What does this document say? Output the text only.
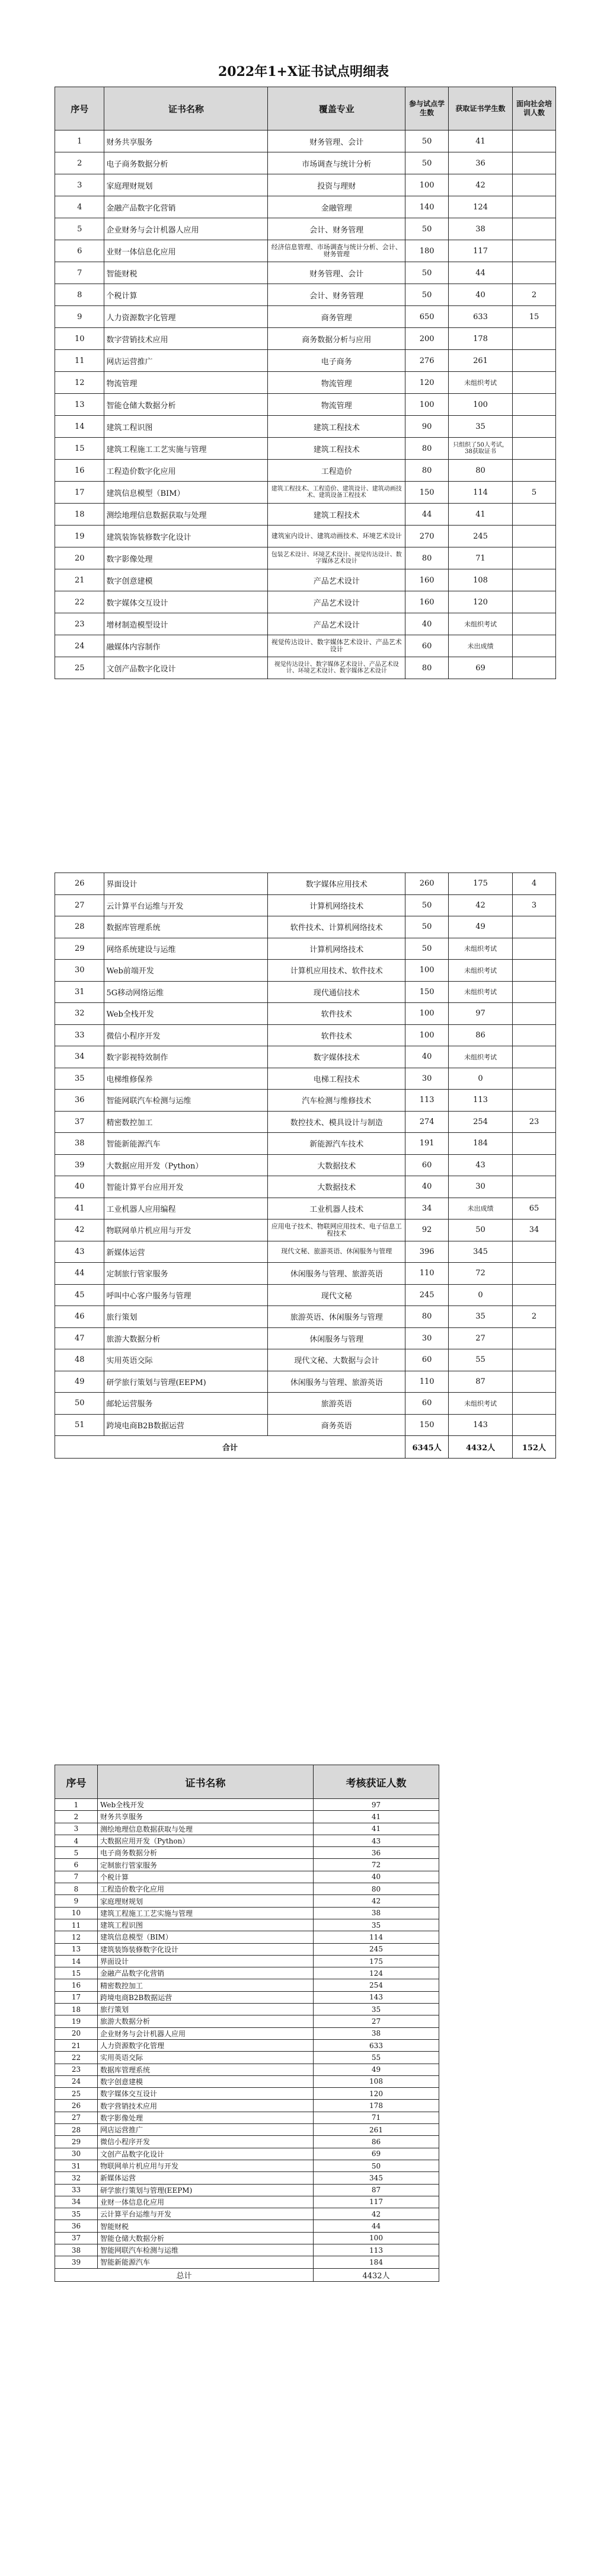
2022年1+X证书试点明细表
序号	证书名称	覆盖专业	参与试点学生数	获取证书学生数	面向社会培训人数
1	财务共享服务	财务管理、会计	50	41	
2	电子商务数据分析	市场调查与统计分析	50	36	
3	家庭理财规划	投资与理财	100	42	
4	金融产品数字化营销	金融管理	140	124	
5	企业财务与会计机器人应用	会计、财务管理	50	38	
6	业财一体信息化应用	经济信息管理、市场调查与统计分析、会计、财务管理	180	117	
7	智能财税	财务管理、会计	50	44	
8	个税计算	会计、财务管理	50	40	2
9	人力资源数字化管理	商务管理	650	633	15
10	数字营销技术应用	商务数据分析与应用	200	178	
11	网店运营推广	电子商务	276	261	
12	物流管理	物流管理	120	未组织考试	
13	智能仓储大数据分析	物流管理	100	100	
14	建筑工程识图	建筑工程技术	90	35	
15	建筑工程施工工艺实施与管理	建筑工程技术	80	只组织了50人考试，38获取证书	
16	工程造价数字化应用	工程造价	80	80	
17	建筑信息模型（BIM）	建筑工程技术、工程造价、建筑设计、建筑动画技术、建筑设备工程技术	150	114	5
18	测绘地理信息数据获取与处理	建筑工程技术	44	41	
19	建筑装饰装修数字化设计	建筑室内设计、建筑动画技术、环境艺术设计	270	245	
20	数字影像处理	包装艺术设计、环境艺术设计、视觉传达设计、数字媒体艺术设计	80	71	
21	数字创意建模	产品艺术设计	160	108	
22	数字媒体交互设计	产品艺术设计	160	120	
23	增材制造模型设计	产品艺术设计	40	未组织考试	
24	融媒体内容制作	视觉传达设计、数字媒体艺术设计、产品艺术设计	60	未出成绩	
25	文创产品数字化设计	视觉传达设计、数字媒体艺术设计、产品艺术设计、环境艺术设计、数字媒体艺术设计	80	69	
26	界面设计	数字媒体应用技术	260	175	4
27	云计算平台运维与开发	计算机网络技术	50	42	3
28	数据库管理系统	软件技术、计算机网络技术	50	49	
29	网络系统建设与运维	计算机网络技术	50	未组织考试	
30	Web前端开发	计算机应用技术、软件技术	100	未组织考试	
31	5G移动网络运维	现代通信技术	150	未组织考试	
32	Web全栈开发	软件技术	100	97	
33	微信小程序开发	软件技术	100	86	
34	数字影视特效制作	数字媒体技术	40	未组织考试	
35	电梯维修保养	电梯工程技术	30	0	
36	智能网联汽车检测与运维	汽车检测与维修技术	113	113	
37	精密数控加工	数控技术、模具设计与制造	274	254	23
38	智能新能源汽车	新能源汽车技术	191	184	
39	大数据应用开发（Python）	大数据技术	60	43	
40	智能计算平台应用开发	大数据技术	40	30	
41	工业机器人应用编程	工业机器人技术	34	未出成绩	65
42	物联网单片机应用与开发	应用电子技术、物联网应用技术、电子信息工程技术	92	50	34
43	新媒体运营	现代文秘、旅游英语、休闲服务与管理	396	345	
44	定制旅行管家服务	休闲服务与管理、旅游英语	110	72	
45	呼叫中心客户服务与管理	现代文秘	245	0	
46	旅行策划	旅游英语、休闲服务与管理	80	35	2
47	旅游大数据分析	休闲服务与管理	30	27	
48	实用英语交际	现代文秘、大数据与会计	60	55	
49	研学旅行策划与管理(EEPM)	休闲服务与管理、旅游英语	110	87	
50	邮轮运营服务	旅游英语	60	未组织考试	
51	跨境电商B2B数据运营	商务英语	150	143	
合计			6345人	4432人	152人
序号	证书名称	考核获证人数
1	Web全栈开发	97
2	财务共享服务	41
3	测绘地理信息数据获取与处理	41
4	大数据应用开发（Python）	43
5	电子商务数据分析	36
6	定制旅行管家服务	72
7	个税计算	40
8	工程造价数字化应用	80
9	家庭理财规划	42
10	建筑工程施工工艺实施与管理	38
11	建筑工程识图	35
12	建筑信息模型（BIM）	114
13	建筑装饰装修数字化设计	245
14	界面设计	175
15	金融产品数字化营销	124
16	精密数控加工	254
17	跨境电商B2B数据运营	143
18	旅行策划	35
19	旅游大数据分析	27
20	企业财务与会计机器人应用	38
21	人力资源数字化管理	633
22	实用英语交际	55
23	数据库管理系统	49
24	数字创意建模	108
25	数字媒体交互设计	120
26	数字营销技术应用	178
27	数字影像处理	71
28	网店运营推广	261
29	微信小程序开发	86
30	文创产品数字化设计	69
31	物联网单片机应用与开发	50
32	新媒体运营	345
33	研学旅行策划与管理(EEPM)	87
34	业财一体信息化应用	117
35	云计算平台运维与开发	42
36	智能财税	44
37	智能仓储大数据分析	100
38	智能网联汽车检测与运维	113
39	智能新能源汽车	184
总计		4432人
